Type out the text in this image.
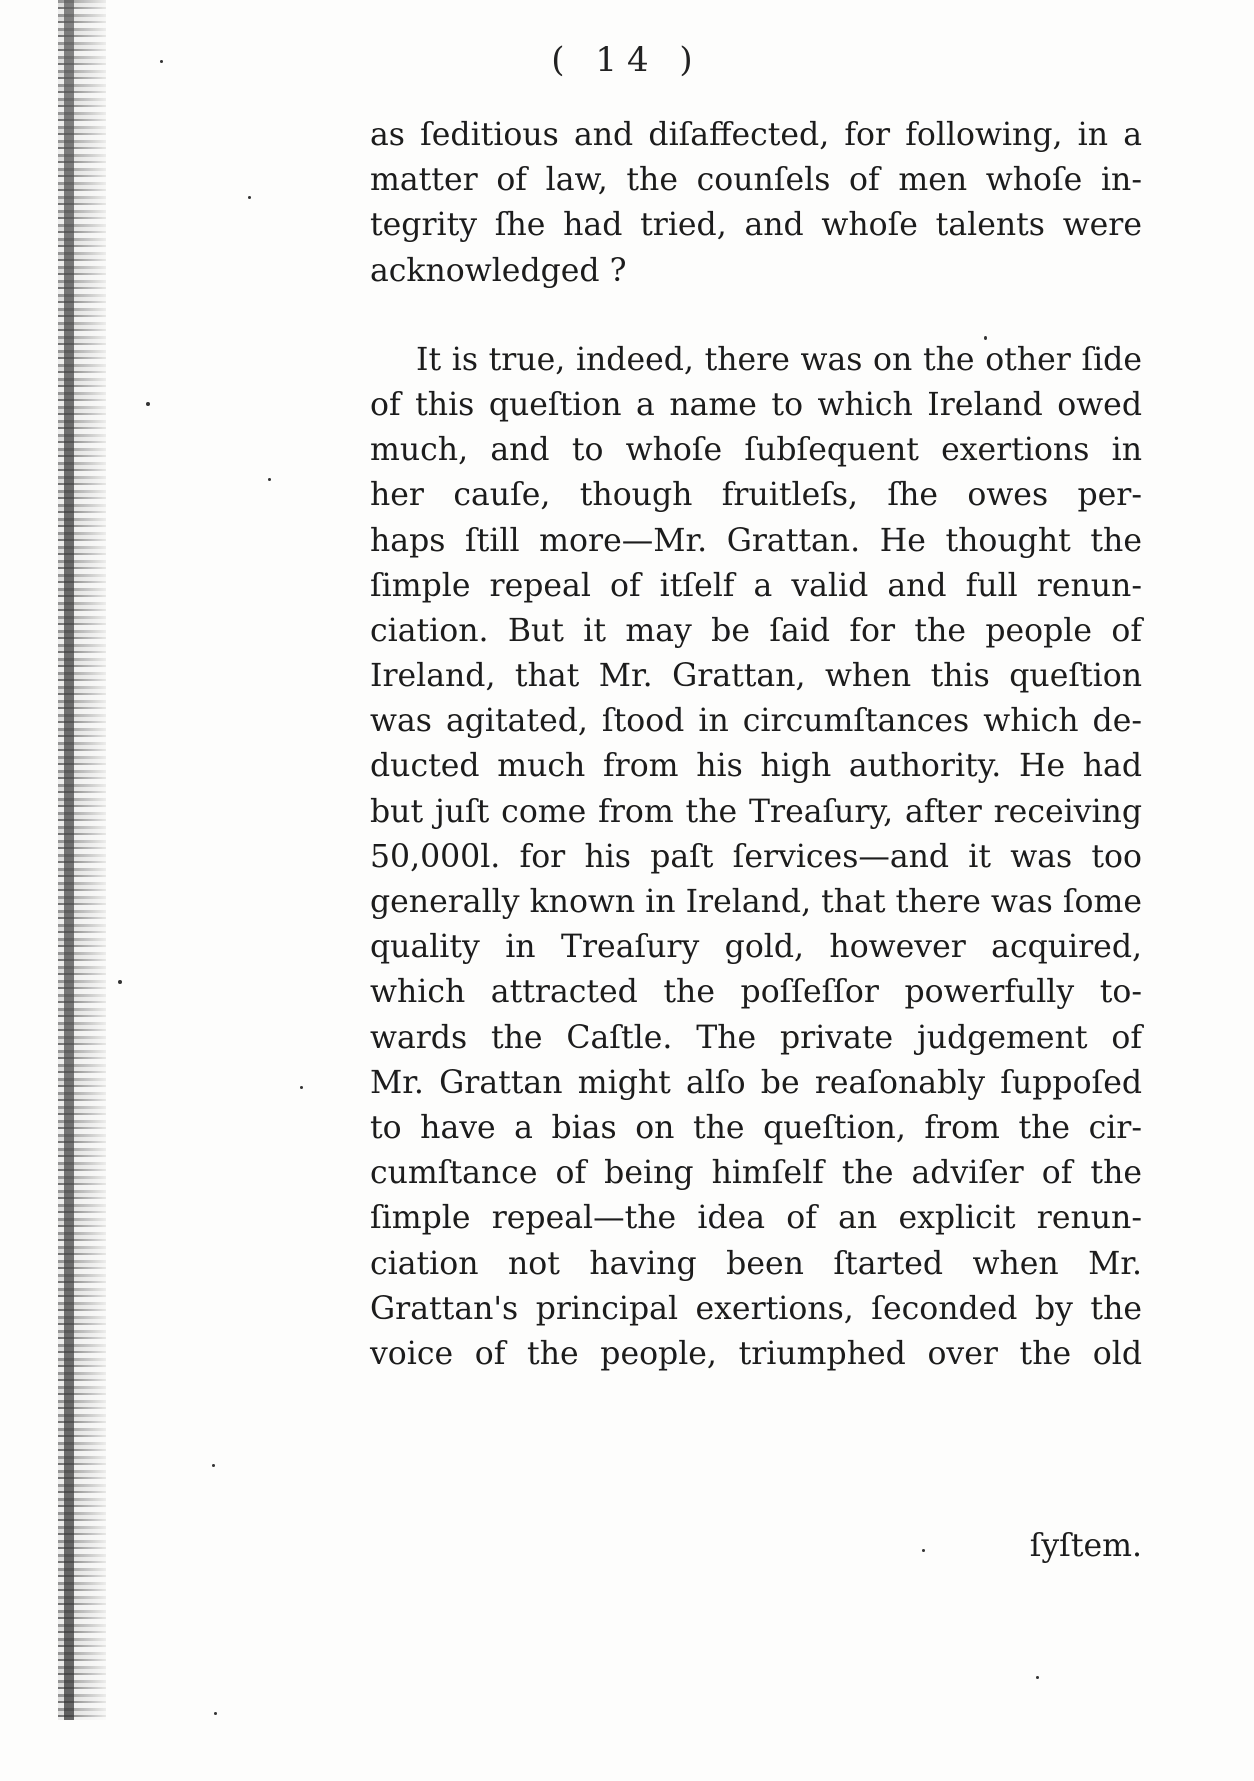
( 14 )
as ſeditious and diſaffected, for following, in a
matter of law, the counſels of men whoſe in-
tegrity ſhe had tried, and whoſe talents were
acknowledged ?
It is true, indeed, there was on the other ſide
of this queſtion a name to which Ireland owed
much, and to whoſe ſubſequent exertions in
her cauſe, though fruitleſs, ſhe owes per-
haps ſtill more—Mr. Grattan. He thought the
ſimple repeal of itſelf a valid and full renun-
ciation. But it may be ſaid for the people of
Ireland, that Mr. Grattan, when this queſtion
was agitated, ſtood in circumſtances which de-
ducted much from his high authority. He had
but juſt come from the Treaſury, after receiving
50,000l. for his paſt ſervices—and it was too
generally known in Ireland, that there was ſome
quality in Treaſury gold, however acquired,
which attracted the poſſeſſor powerfully to-
wards the Caſtle. The private judgement of
Mr. Grattan might alſo be reaſonably ſuppoſed
to have a bias on the queſtion, from the cir-
cumſtance of being himſelf the adviſer of the
ſimple repeal—the idea of an explicit renun-
ciation not having been ſtarted when Mr.
Grattan's principal exertions, ſeconded by the
voice of the people, triumphed over the old
ſyſtem.
